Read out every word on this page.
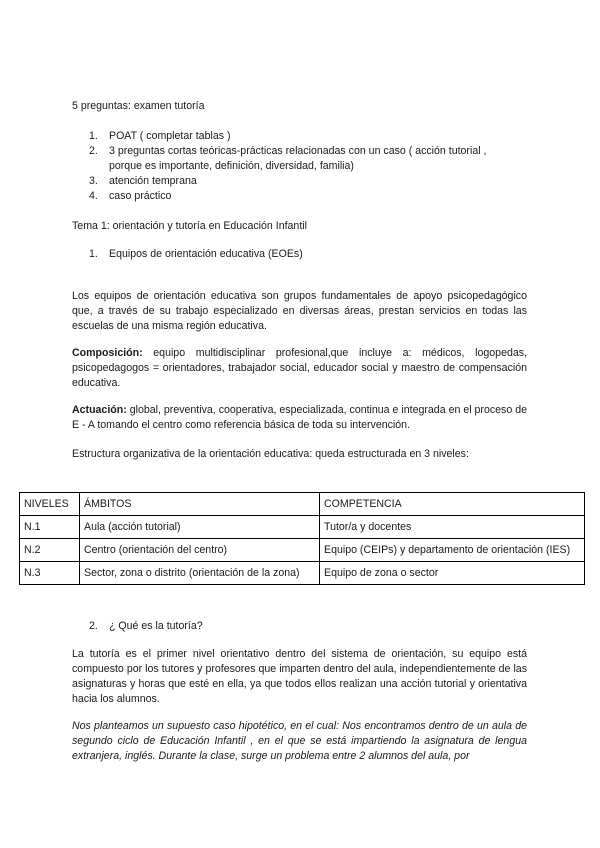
5 preguntas: examen tutoría

1. POAT ( completar tablas )
2. 3 preguntas cortas teóricas-prácticas relacionadas con un caso ( acción tutorial ,
porque es importante, definición, diversidad, familia)
3. atención temprana
4. caso práctico

Tema 1: orientación y tutoría en Educación Infantil

1. Equipos de orientación educativa (EOEs)

Los equipos de orientación educativa son grupos fundamentales de apoyo psicopedagógico que, a través de su trabajo especializado en diversas áreas, prestan servicios en todas las escuelas de una misma región educativa.

Composición: equipo multidisciplinar profesional,que incluye a: médicos, logopedas, psicopedagogos = orientadores, trabajador social, educador social y maestro de compensación educativa.

Actuación: global, preventiva, cooperativa, especializada, continua e integrada en el proceso de E - A tomando el centro como referencia básica de toda su intervención.

Estructura organizativa de la orientación educativa: queda estructurada en 3 niveles:

NIVELES	ÁMBITOS	COMPETENCIA
N.1	Aula (acción tutorial)	Tutor/a y docentes
N.2	Centro (orientación del centro)	Equipo (CEIPs) y departamento de orientación (IES)
N.3	Sector, zona o distrito (orientación de la zona)	Equipo de zona o sector
2. ¿ Qué es la tutoría?

La tutoría es el primer nivel orientativo dentro del sistema de orientación, su equipo está compuesto por los tutores y profesores que imparten dentro del aula, independientemente de las asignaturas y horas que esté en ella, ya que todos ellos realizan una acción tutorial y orientativa hacia los alumnos.

Nos planteamos un supuesto caso hipotético, en el cual: Nos encontramos dentro de un aula de segundo ciclo de Educación Infantil , en el que se está impartiendo la asignatura de lengua extranjera, inglés. Durante la clase, surge un problema entre 2 alumnos del aula, por
